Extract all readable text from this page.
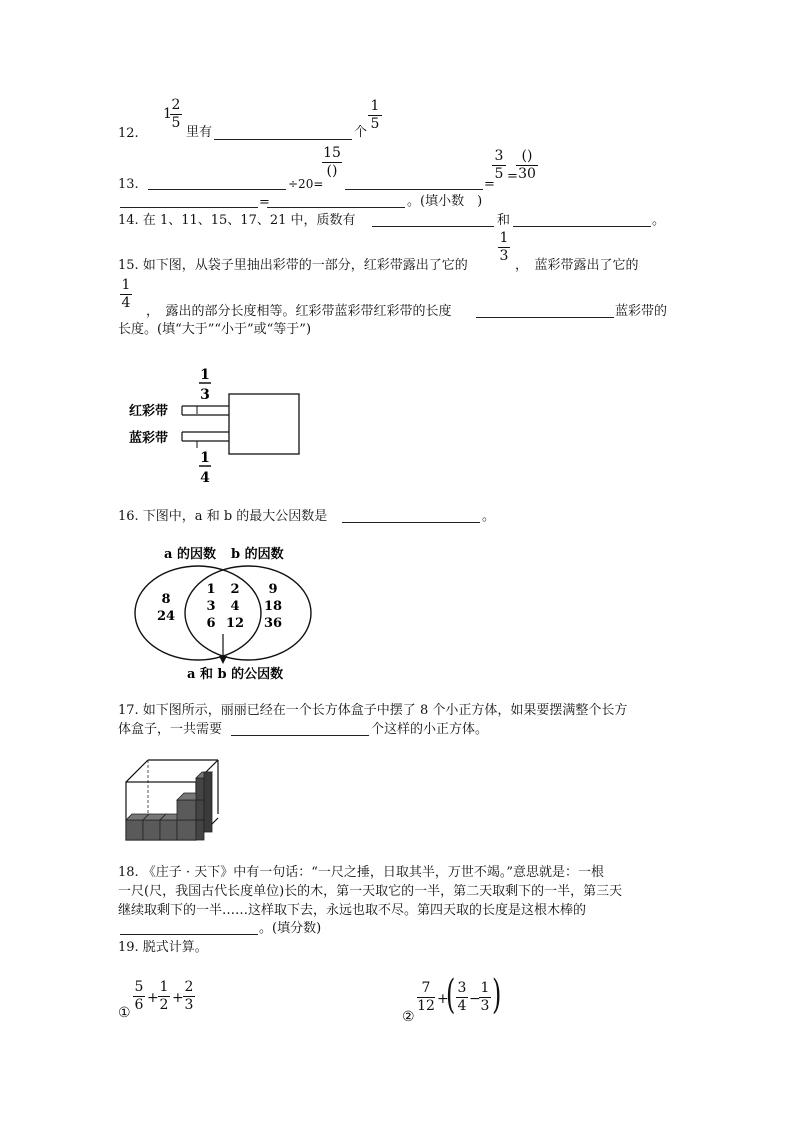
12.
1
2
5
里有	个
1
5
13.	÷20=
15
()
=
3
5 =
()
30
=	。(填小数　)
14. 在 1、11、15、17、21 中，质数有	和	。
15. 如下图，从袋子里抽出彩带的一部分，红彩带露出了它的
1
3
，　蓝彩带露出了它的
1
4
，　露出的部分长度相等。红彩带蓝彩带红彩带的长度	蓝彩带的
长度。(填“大于”“小于”或“等于”)
1
3
红彩带
蓝彩带
1
4
16. 下图中，a 和 b 的最大公因数是	。
a 的因数 b 的因数
8
24
1 2
3 4
6 12
9
18
36
a 和 b 的公因数
17. 如下图所示，丽丽已经在一个长方体盒子中摆了 8 个小正方体，如果要摆满整个长方
体盒子，一共需要	个这样的小正方体。
18. 《庄子 · 天下》中有一句话：“一尺之捶，日取其半，万世不竭。”意思就是：一根
一尺(尺，我国古代长度单位)长的木，第一天取它的一半，第二天取剩下的一半，第三天
继续取剩下的一半……这样取下去，永远也取不尽。第四天取的长度是这根木棒的
。(填分数)
19. 脱式计算。
①
5
6 +
1
2 +
2
3
②
7
12 +
( 3
4 −
1
3 )
